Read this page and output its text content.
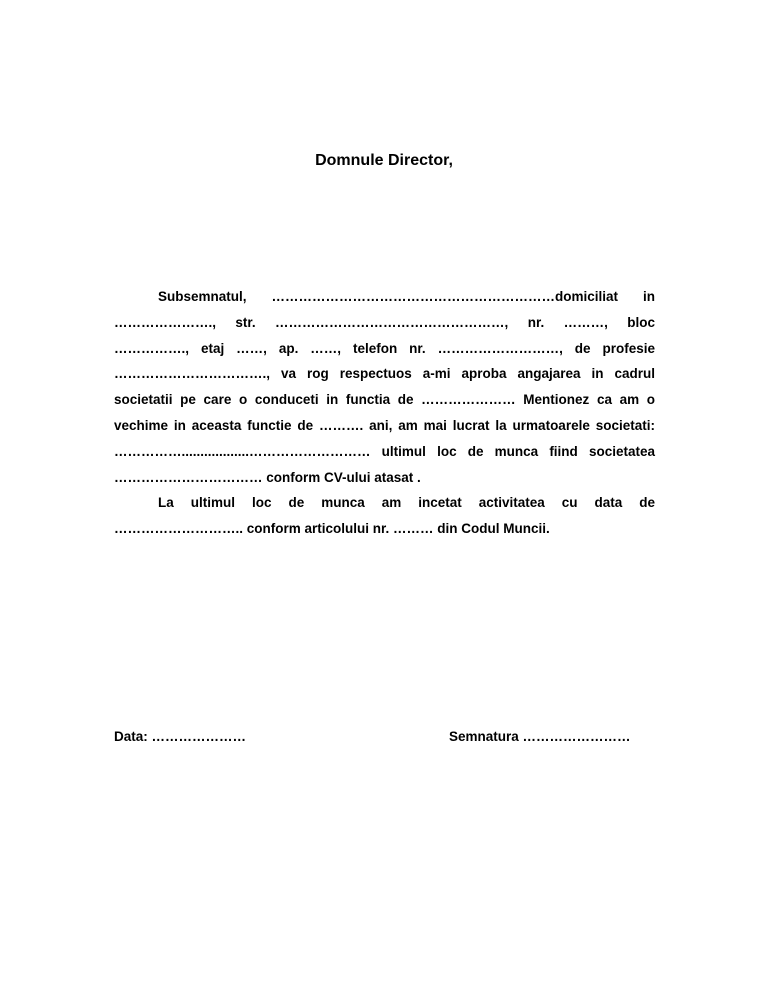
Domnule Director,

Subsemnatul, ………………………………………………………domiciliat in …………………., str. ……………………………………………, nr. ………, bloc ……………., etaj ……, ap. ……, telefon nr. ………………………, de profesie ……………………………., va rog respectuos a-mi aproba angajarea in cadrul societatii pe care o conduceti in functia de ………………… Mentionez ca am o vechime in aceasta functie de ………. ani, am mai lucrat la urmatoarele societati: ……………..................……………………… ultimul loc de munca fiind societatea …………………………… conform CV-ului atasat .

La ultimul loc de munca am incetat activitatea cu data de ……………………….. conform articolului nr. ……… din Codul Muncii.

Data: …………………	Semnatura ……………………
